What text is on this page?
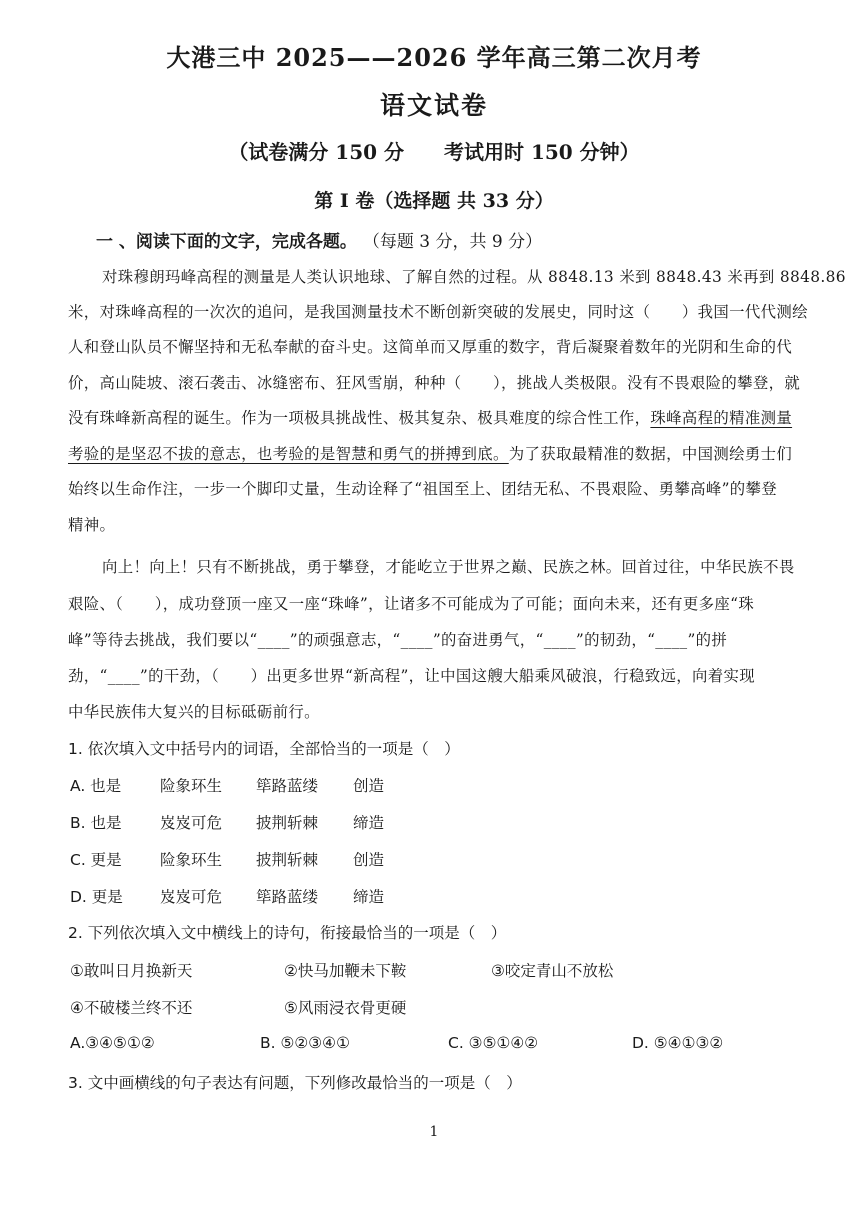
大港三中 2025——2026 学年高三第二次月考
语文试卷
（试卷满分 150 分　　考试用时 150 分钟）
第 I 卷（选择题 共 33 分）
一 、阅读下面的文字，完成各题。 （每题 3 分，共 9 分）
对珠穆朗玛峰高程的测量是人类认识地球、了解自然的过程。从 8848.13 米到 8848.43 米再到 8848.86
米，对珠峰高程的一次次的追问，是我国测量技术不断创新突破的发展史，同时这（　　）我国一代代测绘
人和登山队员不懈坚持和无私奉献的奋斗史。这简单而又厚重的数字，背后凝聚着数年的光阴和生命的代
价，高山陡坡、滚石袭击、冰缝密布、狂风雪崩，种种（　　），挑战人类极限。没有不畏艰险的攀登，就
没有珠峰新高程的诞生。作为一项极具挑战性、极其复杂、极具难度的综合性工作，珠峰高程的精准测量
考验的是坚忍不拔的意志，也考验的是智慧和勇气的拼搏到底。为了获取最精准的数据，中国测绘勇士们
始终以生命作注，一步一个脚印丈量，生动诠释了“祖国至上、团结无私、不畏艰险、勇攀高峰”的攀登
精神。
向上！向上！只有不断挑战，勇于攀登，才能屹立于世界之巅、民族之林。回首过往，中华民族不畏
艰险、（　　），成功登顶一座又一座“珠峰”，让诸多不可能成为了可能；面向未来，还有更多座“珠
峰”等待去挑战，我们要以“____”的顽强意志，“____”的奋进勇气，“____”的韧劲，“____”的拼
劲，“____”的干劲，（　　）出更多世界“新高程”，让中国这艘大船乘风破浪，行稳致远，向着实现
中华民族伟大复兴的目标砥砺前行。
1. 依次填入文中括号内的词语，全部恰当的一项是（　）
A. 也是	险象环生 筚路蓝缕 创造
B. 也是 岌岌可危 披荆斩棘 缔造
C. 更是 险象环生 披荆斩棘 创造
D. 更是 岌岌可危 筚路蓝缕 缔造
2. 下列依次填入文中横线上的诗句，衔接最恰当的一项是（　）
①敢叫日月换新天	②快马加鞭未下鞍	③咬定青山不放松
④不破楼兰终不还	⑤风雨浸衣骨更硬
A.③④⑤①②	B. ⑤②③④①	C. ③⑤①④②	D. ⑤④①③②
3. 文中画横线的句子表达有问题，下列修改最恰当的一项是（　）
1
